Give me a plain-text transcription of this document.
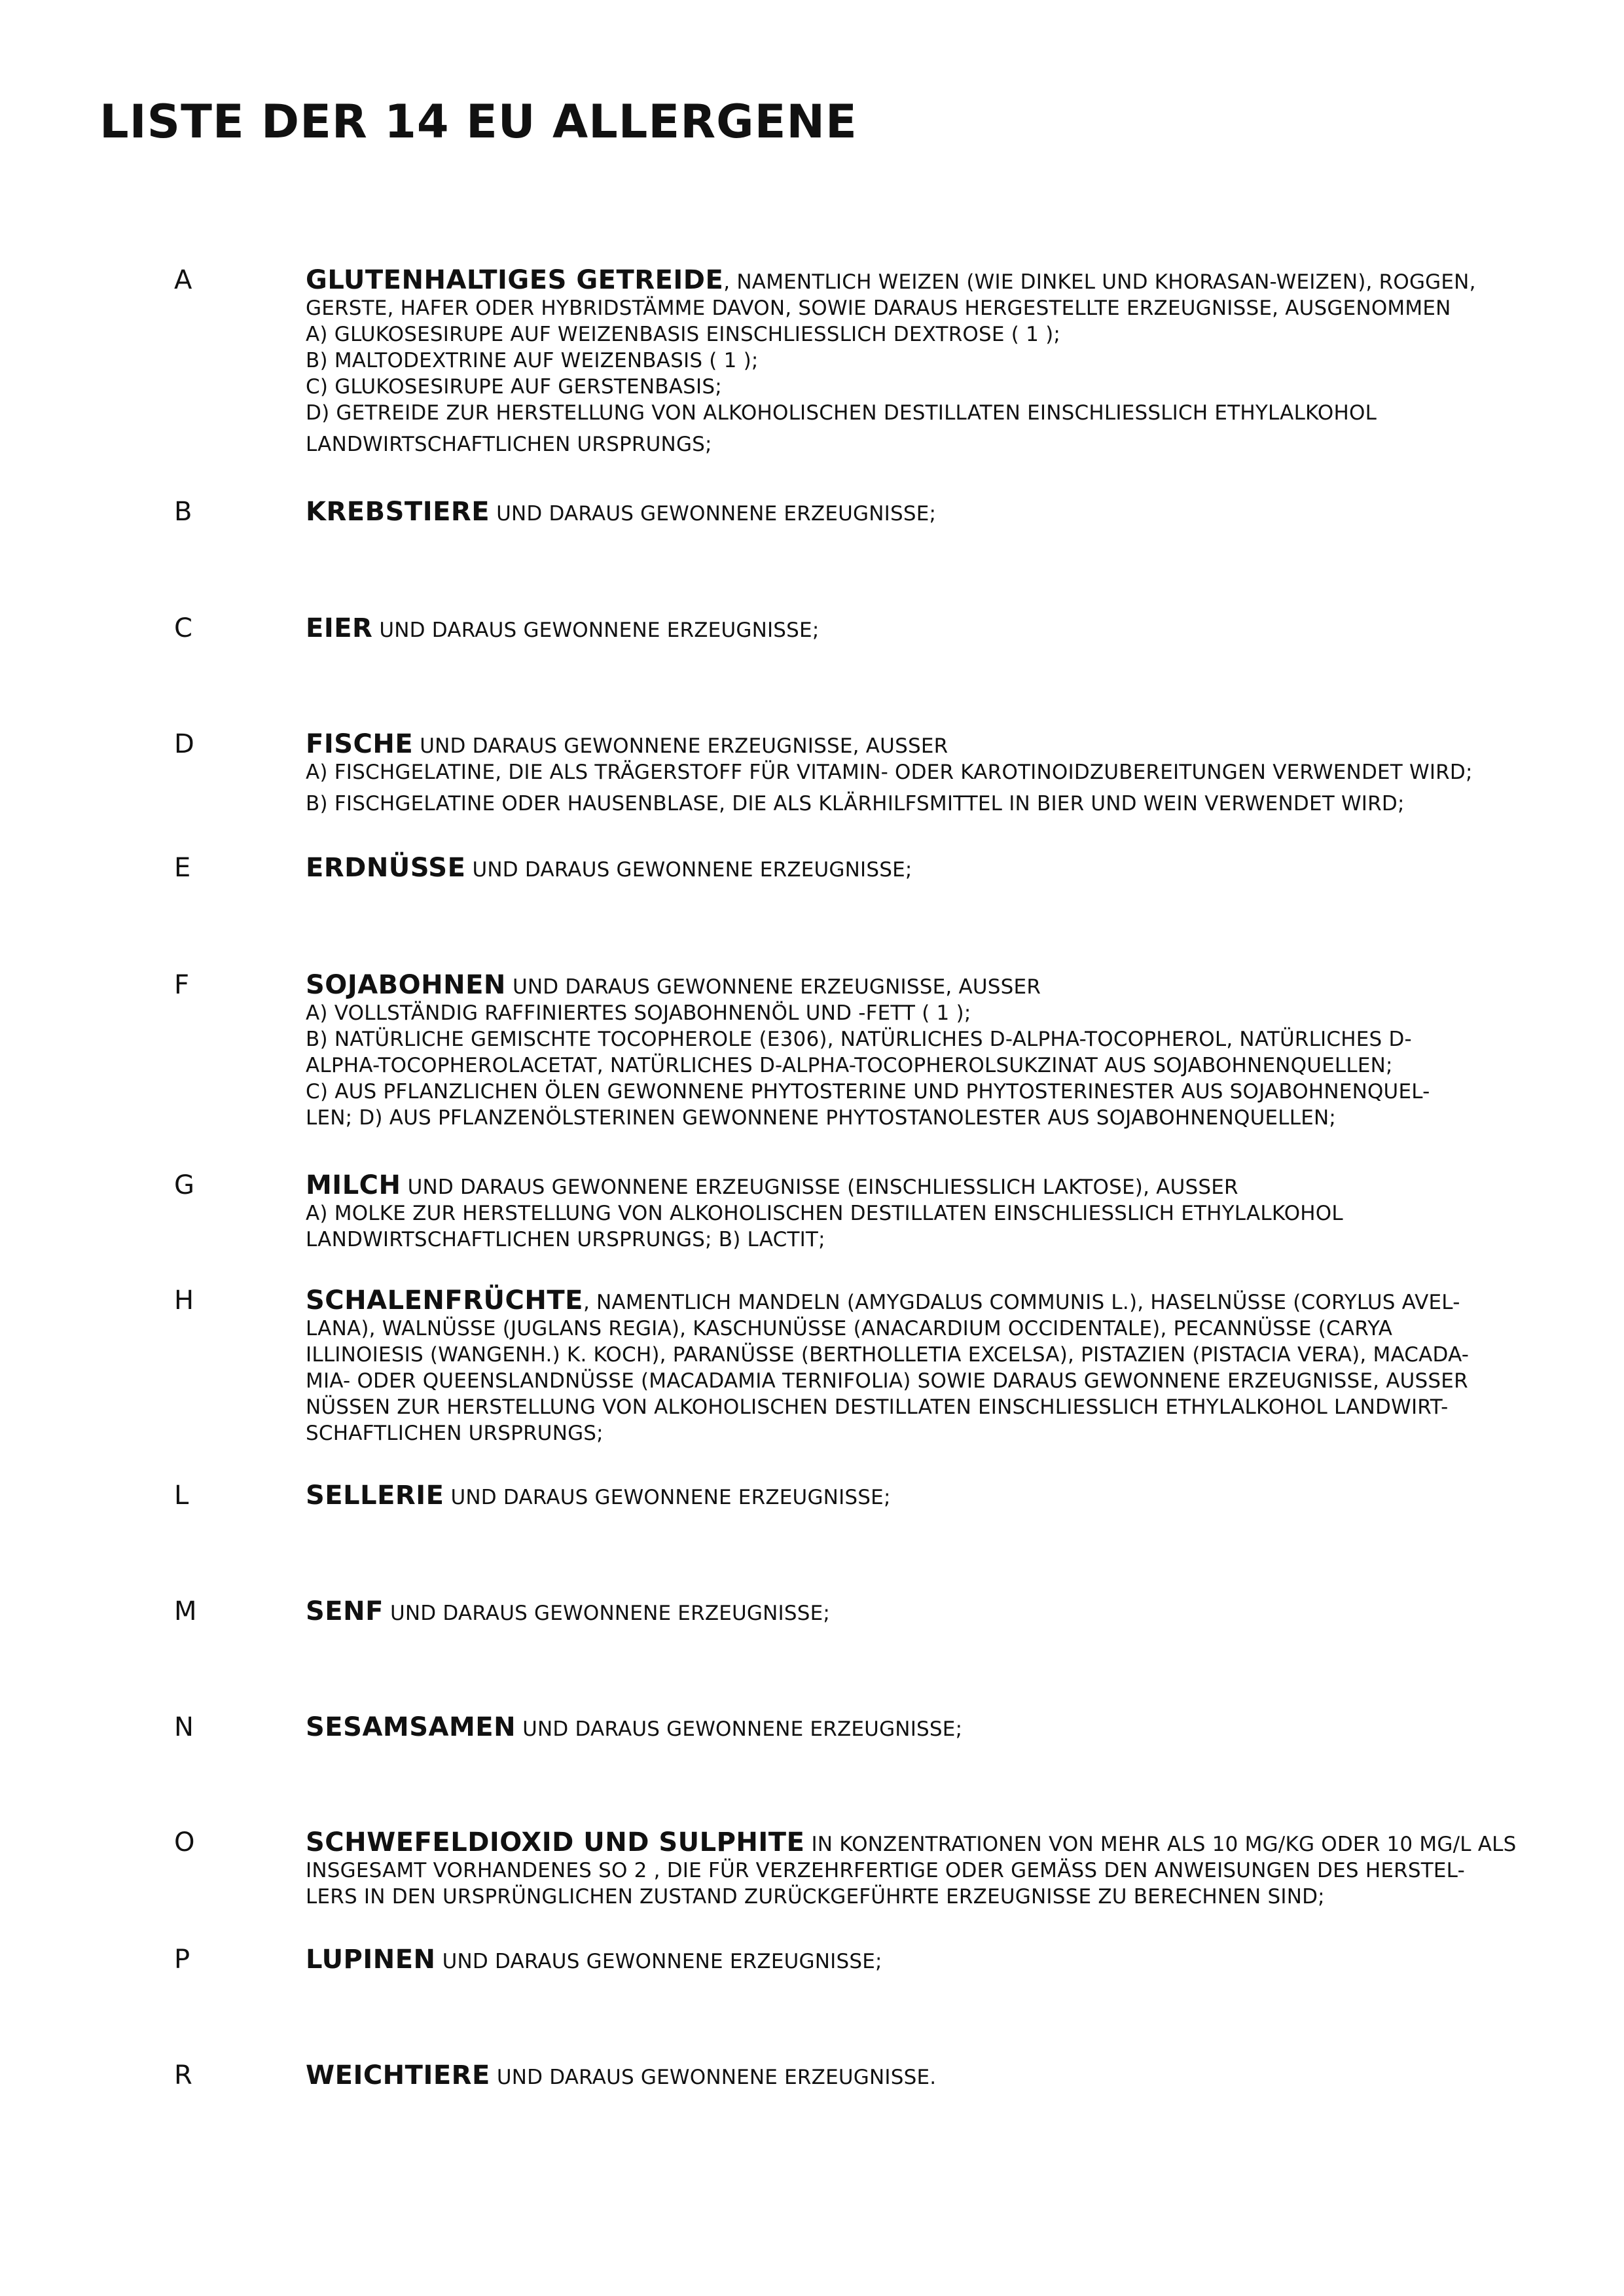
LISTE DER 14 EU ALLERGENE
A	GLUTENHALTIGES GETREIDE, NAMENTLICH WEIZEN (WIE DINKEL UND KHORASAN-WEIZEN), ROGGEN,
GERSTE, HAFER ODER HYBRIDSTÄMME DAVON, SOWIE DARAUS HERGESTELLTE ERZEUGNISSE, AUSGENOMMEN
A) GLUKOSESIRUPE AUF WEIZENBASIS EINSCHLIESSLICH DEXTROSE ( 1 );
B) MALTODEXTRINE AUF WEIZENBASIS ( 1 );
C) GLUKOSESIRUPE AUF GERSTENBASIS;
D) GETREIDE ZUR HERSTELLUNG VON ALKOHOLISCHEN DESTILLATEN EINSCHLIESSLICH ETHYLALKOHOL
LANDWIRTSCHAFTLICHEN URSPRUNGS;
B	KREBSTIERE UND DARAUS GEWONNENE ERZEUGNISSE;
C	EIER UND DARAUS GEWONNENE ERZEUGNISSE;
D	FISCHE UND DARAUS GEWONNENE ERZEUGNISSE, AUSSER
A) FISCHGELATINE, DIE ALS TRÄGERSTOFF FÜR VITAMIN- ODER KAROTINOIDZUBEREITUNGEN VERWENDET WIRD;
B) FISCHGELATINE ODER HAUSENBLASE, DIE ALS KLÄRHILFSMITTEL IN BIER UND WEIN VERWENDET WIRD;
E	ERDNÜSSE UND DARAUS GEWONNENE ERZEUGNISSE;
F	SOJABOHNEN UND DARAUS GEWONNENE ERZEUGNISSE, AUSSER
A) VOLLSTÄNDIG RAFFINIERTES SOJABOHNENÖL UND -FETT ( 1 );
B) NATÜRLICHE GEMISCHTE TOCOPHEROLE (E306), NATÜRLICHES D-ALPHA-TOCOPHEROL, NATÜRLICHES D-
ALPHA-TOCOPHEROLACETAT, NATÜRLICHES D-ALPHA-TOCOPHEROLSUKZINAT AUS SOJABOHNENQUELLEN;
C) AUS PFLANZLICHEN ÖLEN GEWONNENE PHYTOSTERINE UND PHYTOSTERINESTER AUS SOJABOHNENQUEL-
LEN; D) AUS PFLANZENÖLSTERINEN GEWONNENE PHYTOSTANOLESTER AUS SOJABOHNENQUELLEN;
G	MILCH UND DARAUS GEWONNENE ERZEUGNISSE (EINSCHLIESSLICH LAKTOSE), AUSSER
A) MOLKE ZUR HERSTELLUNG VON ALKOHOLISCHEN DESTILLATEN EINSCHLIESSLICH ETHYLALKOHOL
LANDWIRTSCHAFTLICHEN URSPRUNGS; B) LACTIT;
H	SCHALENFRÜCHTE, NAMENTLICH MANDELN (AMYGDALUS COMMUNIS L.), HASELNÜSSE (CORYLUS AVEL-
LANA), WALNÜSSE (JUGLANS REGIA), KASCHUNÜSSE (ANACARDIUM OCCIDENTALE), PECANNÜSSE (CARYA
ILLINOIESIS (WANGENH.) K. KOCH), PARANÜSSE (BERTHOLLETIA EXCELSA), PISTAZIEN (PISTACIA VERA), MACADA-
MIA- ODER QUEENSLANDNÜSSE (MACADAMIA TERNIFOLIA) SOWIE DARAUS GEWONNENE ERZEUGNISSE, AUSSER
NÜSSEN ZUR HERSTELLUNG VON ALKOHOLISCHEN DESTILLATEN EINSCHLIESSLICH ETHYLALKOHOL LANDWIRT-
SCHAFTLICHEN URSPRUNGS;
L	SELLERIE UND DARAUS GEWONNENE ERZEUGNISSE;
M	SENF UND DARAUS GEWONNENE ERZEUGNISSE;
N	SESAMSAMEN UND DARAUS GEWONNENE ERZEUGNISSE;
O	SCHWEFELDIOXID UND SULPHITE IN KONZENTRATIONEN VON MEHR ALS 10 MG/KG ODER 10 MG/L ALS
INSGESAMT VORHANDENES SO 2 , DIE FÜR VERZEHRFERTIGE ODER GEMÄSS DEN ANWEISUNGEN DES HERSTEL-
LERS IN DEN URSPRÜNGLICHEN ZUSTAND ZURÜCKGEFÜHRTE ERZEUGNISSE ZU BERECHNEN SIND;
P	LUPINEN UND DARAUS GEWONNENE ERZEUGNISSE;
R	WEICHTIERE UND DARAUS GEWONNENE ERZEUGNISSE.
